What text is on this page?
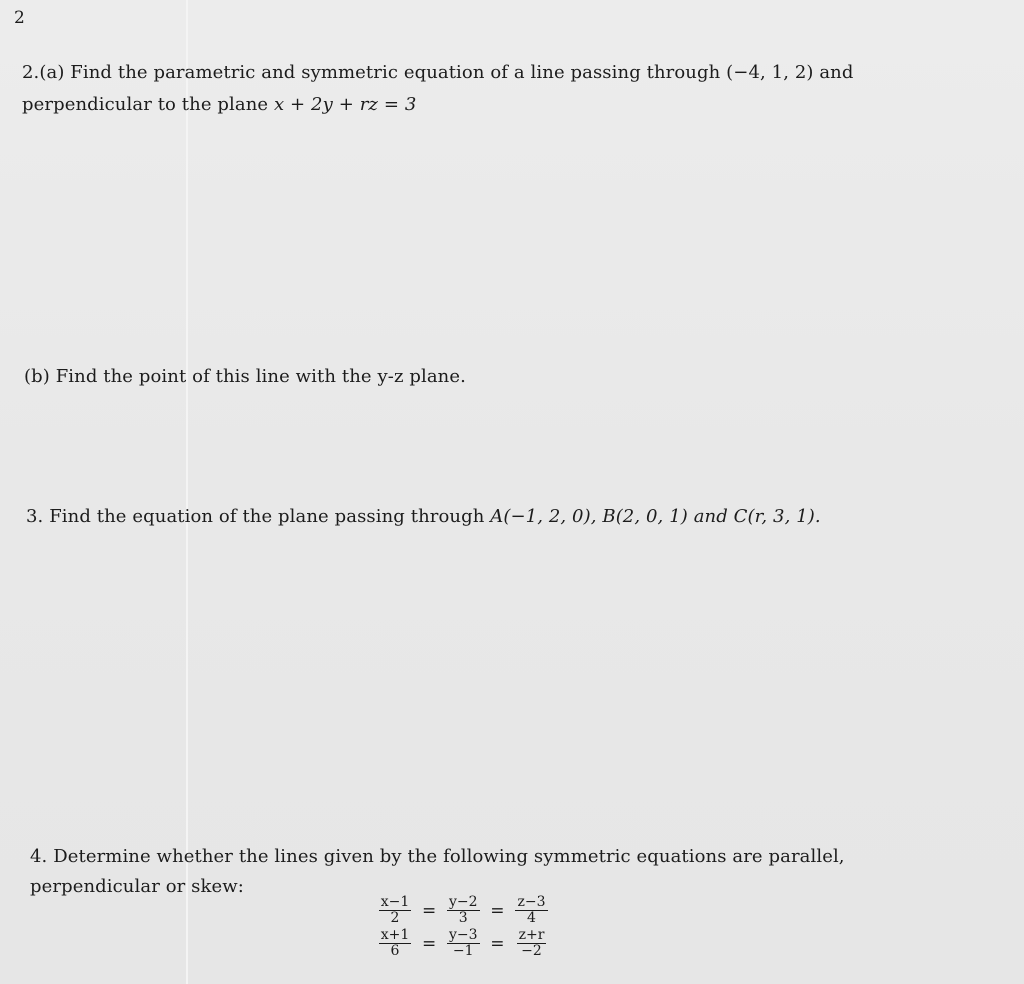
2
2.(a) Find the parametric and symmetric equation of a line passing through (−4, 1, 2) and
perpendicular to the plane x + 2y + rz = 3
(b) Find the point of this line with the y-z plane.
3. Find the equation of the plane passing through A(−1, 2, 0), B(2, 0, 1) and C(r, 3, 1).
4. Determine whether the lines given by the following symmetric equations are parallel,
perpendicular or skew:
$\frac{x-1}{2} = \frac{y-2}{3} = \frac{z-3}{4}$
$\frac{x+1}{6} = \frac{y-3}{-1} = \frac{z+r}{-2}$
